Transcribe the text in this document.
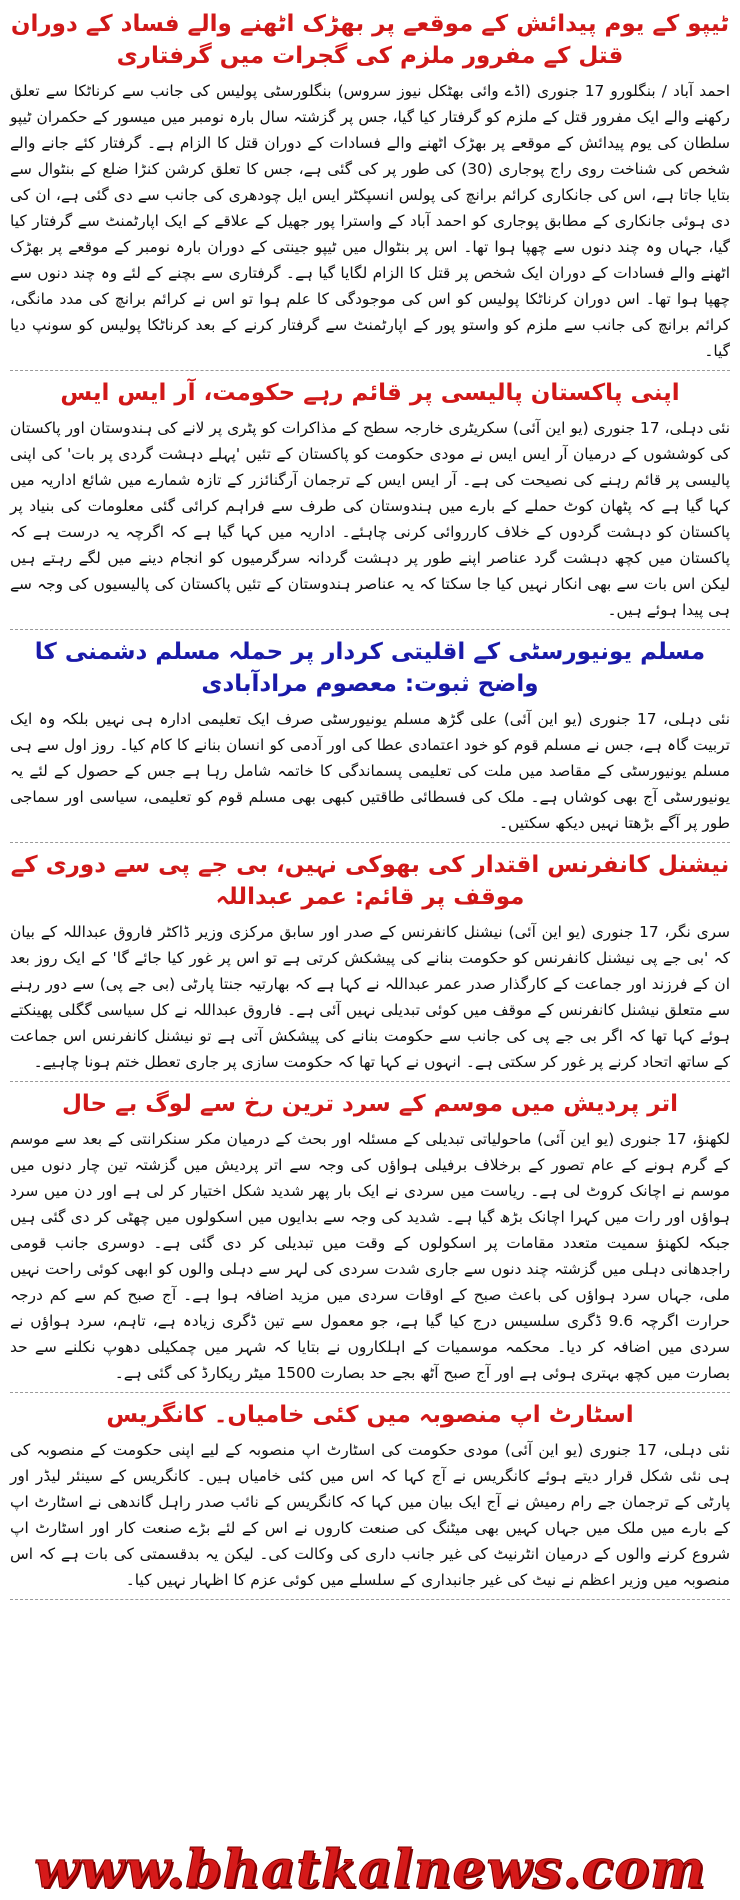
ٹیپو کے یوم پیدائش کے موقعے پر بھڑک اٹھنے والے فساد کے دوران قتل کے مفرور ملزم کی گجرات میں گرفتاری
احمد آباد / بنگلورو 17 جنوری (اڈے وائی بھٹکل نیوز سروس) بنگلورسٹی پولیس کی جانب سے کرناٹکا سے تعلق رکھنے والے ایک مفرور قتل کے ملزم کو گرفتار کیا گیا، جس پر گزشتہ سال بارہ نومبر میں میسور کے حکمران ٹیپو سلطان کی یوم پیدائش کے موقعے پر بھڑک اٹھنے والے فسادات کے دوران قتل کا الزام ہے۔ گرفتار کئے جانے والے شخص کی شناخت روی راج پوجاری (30) کی طور پر کی گئی ہے، جس کا تعلق کرشن کنڑا ضلع کے بنٹوال سے بتایا جاتا ہے، اس کی جانکاری کرائم برانچ کی پولس انسپکٹر ایس ایل چودھری کی جانب سے دی گئی ہے، ان کی دی ہوئی جانکاری کے مطابق پوجاری کو احمد آباد کے واسترا پور جھیل کے علاقے کے ایک اپارٹمنٹ سے گرفتار کیا گیا، جہاں وہ چند دنوں سے چھپا ہوا تھا۔ اس پر بنٹوال میں ٹیپو جینتی کے دوران بارہ نومبر کے موقعے پر بھڑک اٹھنے والے فسادات کے دوران ایک شخص پر قتل کا الزام لگایا گیا ہے۔ گرفتاری سے بچنے کے لئے وہ چند دنوں سے چھپا ہوا تھا۔ اس دوران کرناٹکا پولیس کو اس کی موجودگی کا علم ہوا تو اس نے کرائم برانچ کی مدد مانگی، کرائم برانچ کی جانب سے ملزم کو واستو پور کے اپارٹمنٹ سے گرفتار کرنے کے بعد کرناٹکا پولیس کو سونپ دیا گیا۔
اپنی پاکستان پالیسی پر قائم رہے حکومت، آر ایس ایس
نئی دہلی، 17 جنوری (یو این آئی) سکریٹری خارجہ سطح کے مذاکرات کو پٹری پر لانے کی ہندوستان اور پاکستان کی کوششوں کے درمیان آر ایس ایس نے مودی حکومت کو پاکستان کے تئیں 'پہلے دہشت گردی پر بات' کی اپنی پالیسی پر قائم رہنے کی نصیحت کی ہے۔ آر ایس ایس کے ترجمان آرگنائزر کے تازہ شمارے میں شائع اداریہ میں کہا گیا ہے کہ پٹھان کوٹ حملے کے بارے میں ہندوستان کی طرف سے فراہم کرائی گئی معلومات کی بنیاد پر پاکستان کو دہشت گردوں کے خلاف کارروائی کرنی چاہئے۔ اداریہ میں کہا گیا ہے کہ اگرچہ یہ درست ہے کہ پاکستان میں کچھ دہشت گرد عناصر اپنے طور پر دہشت گردانہ سرگرمیوں کو انجام دینے میں لگے رہتے ہیں لیکن اس بات سے بھی انکار نہیں کیا جا سکتا کہ یہ عناصر ہندوستان کے تئیں پاکستان کی پالیسیوں کی وجہ سے ہی پیدا ہوئے ہیں۔
مسلم یونیورسٹی کے اقلیتی کردار پر حملہ مسلم دشمنی کا واضح ثبوت: معصوم مرادآبادی
نئی دہلی، 17 جنوری (یو این آئی) علی گڑھ مسلم یونیورسٹی صرف ایک تعلیمی ادارہ ہی نہیں بلکہ وہ ایک تربیت گاہ ہے، جس نے مسلم قوم کو خود اعتمادی عطا کی اور آدمی کو انسان بنانے کا کام کیا۔ روز اول سے ہی مسلم یونیورسٹی کے مقاصد میں ملت کی تعلیمی پسماندگی کا خاتمہ شامل رہا ہے جس کے حصول کے لئے یہ یونیورسٹی آج بھی کوشاں ہے۔ ملک کی فسطائی طاقتیں کبھی بھی مسلم قوم کو تعلیمی، سیاسی اور سماجی طور پر آگے بڑھتا نہیں دیکھ سکتیں۔
نیشنل کانفرنس اقتدار کی بھوکی نہیں، بی جے پی سے دوری کے موقف پر قائم: عمر عبداللہ
سری نگر، 17 جنوری (یو این آئی) نیشنل کانفرنس کے صدر اور سابق مرکزی وزیر ڈاکٹر فاروق عبداللہ کے بیان کہ 'بی جے پی نیشنل کانفرنس کو حکومت بنانے کی پیشکش کرتی ہے تو اس پر غور کیا جائے گا' کے ایک روز بعد ان کے فرزند اور جماعت کے کارگذار صدر عمر عبداللہ نے کہا ہے کہ بھارتیہ جنتا پارٹی (بی جے پی) سے دور رہنے سے متعلق نیشنل کانفرنس کے موقف میں کوئی تبدیلی نہیں آئی ہے۔ فاروق عبداللہ نے کل سیاسی گگلی پھینکتے ہوئے کہا تھا کہ اگر بی جے پی کی جانب سے حکومت بنانے کی پیشکش آتی ہے تو نیشنل کانفرنس اس جماعت کے ساتھ اتحاد کرنے پر غور کر سکتی ہے۔ انہوں نے کہا تھا کہ حکومت سازی پر جاری تعطل ختم ہونا چاہیے۔
اتر پردیش میں موسم کے سرد ترین رخ سے لوگ بے حال
لکھنؤ، 17 جنوری (یو این آئی) ماحولیاتی تبدیلی کے مسئلہ اور بحث کے درمیان مکر سنکرانتی کے بعد سے موسم کے گرم ہونے کے عام تصور کے برخلاف برفیلی ہواؤں کی وجہ سے اتر پردیش میں گزشتہ تین چار دنوں میں موسم نے اچانک کروٹ لی ہے۔ ریاست میں سردی نے ایک بار پھر شدید شکل اختیار کر لی ہے اور دن میں سرد ہواؤں اور رات میں کہرا اچانک بڑھ گیا ہے۔ شدید کی وجہ سے بدایوں میں اسکولوں میں چھٹی کر دی گئی ہیں جبکہ لکھنؤ سمیت متعدد مقامات پر اسکولوں کے وقت میں تبدیلی کر دی گئی ہے۔ دوسری جانب قومی راجدھانی دہلی میں گزشتہ چند دنوں سے جاری شدت سردی کی لہر سے دہلی والوں کو ابھی کوئی راحت نہیں ملی، جہاں سرد ہواؤں کی باعث صبح کے اوقات سردی میں مزید اضافہ ہوا ہے۔ آج صبح کم سے کم درجہ حرارت اگرچہ 9.6 ڈگری سلسیس درج کیا گیا ہے، جو معمول سے تین ڈگری زیادہ ہے، تاہم، سرد ہواؤں نے سردی میں اضافہ کر دیا۔ محکمہ موسمیات کے اہلکاروں نے بتایا کہ شہر میں چمکیلی دھوپ نکلنے سے حد بصارت میں کچھ بہتری ہوئی ہے اور آج صبح آٹھ بجے حد بصارت 1500 میٹر ریکارڈ کی گئی ہے۔
اسٹارٹ اپ منصوبہ میں کئی خامیاں۔ کانگریس
نئی دہلی، 17 جنوری (یو این آئی) مودی حکومت کی اسٹارٹ اپ منصوبہ کے لیے اپنی حکومت کے منصوبہ کی ہی نئی شکل قرار دیتے ہوئے کانگریس نے آج کہا کہ اس میں کئی خامیاں ہیں۔ کانگریس کے سینئر لیڈر اور پارٹی کے ترجمان جے رام رمیش نے آج ایک بیان میں کہا کہ کانگریس کے نائب صدر راہل گاندھی نے اسٹارٹ اپ کے بارے میں ملک میں جہاں کہیں بھی میٹنگ کی صنعت کاروں نے اس کے لئے بڑے صنعت کار اور اسٹارٹ اپ شروع کرنے والوں کے درمیان انٹرنیٹ کی غیر جانب داری کی وکالت کی۔ لیکن یہ بدقسمتی کی بات ہے کہ اس منصوبہ میں وزیر اعظم نے نیٹ کی غیر جانبداری کے سلسلے میں کوئی عزم کا اظہار نہیں کیا۔
www.bhatkalnews.com
